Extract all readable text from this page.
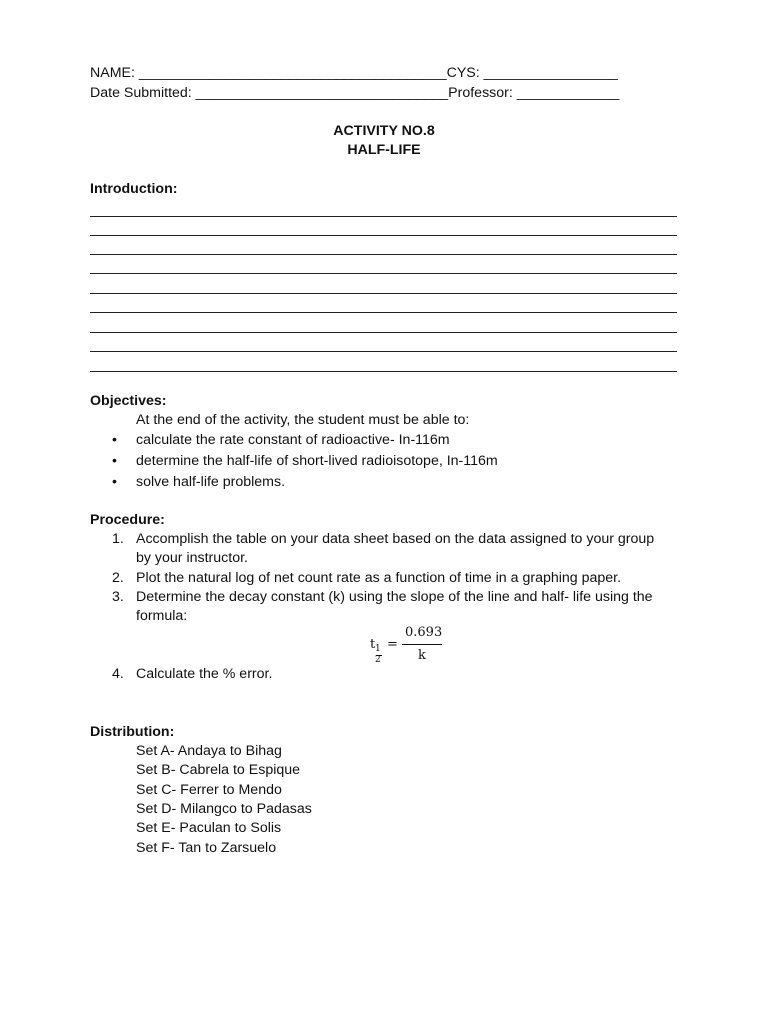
NAME: _______________________________________CYS: _________________
Date Submitted: ________________________________Professor: _____________
ACTIVITY NO.8
HALF-LIFE
Introduction:
Objectives:
At the end of the activity, the student must be able to:
• calculate the rate constant of radioactive- In-116m
• determine the half-life of short-lived radioisotope, In-116m
• solve half-life problems.
Procedure:
1. Accomplish the table on your data sheet based on the data assigned to your group
by your instructor.
2. Plot the natural log of net count rate as a function of time in a graphing paper.
3. Determine the decay constant (k) using the slope of the line and half- life using the
formula:
t 1
2
=
0.693
k
4. Calculate the % error.
Distribution:
Set A- Andaya to Bihag
Set B- Cabrela to Espique
Set C- Ferrer to Mendo
Set D- Milangco to Padasas
Set E- Paculan to Solis
Set F- Tan to Zarsuelo
